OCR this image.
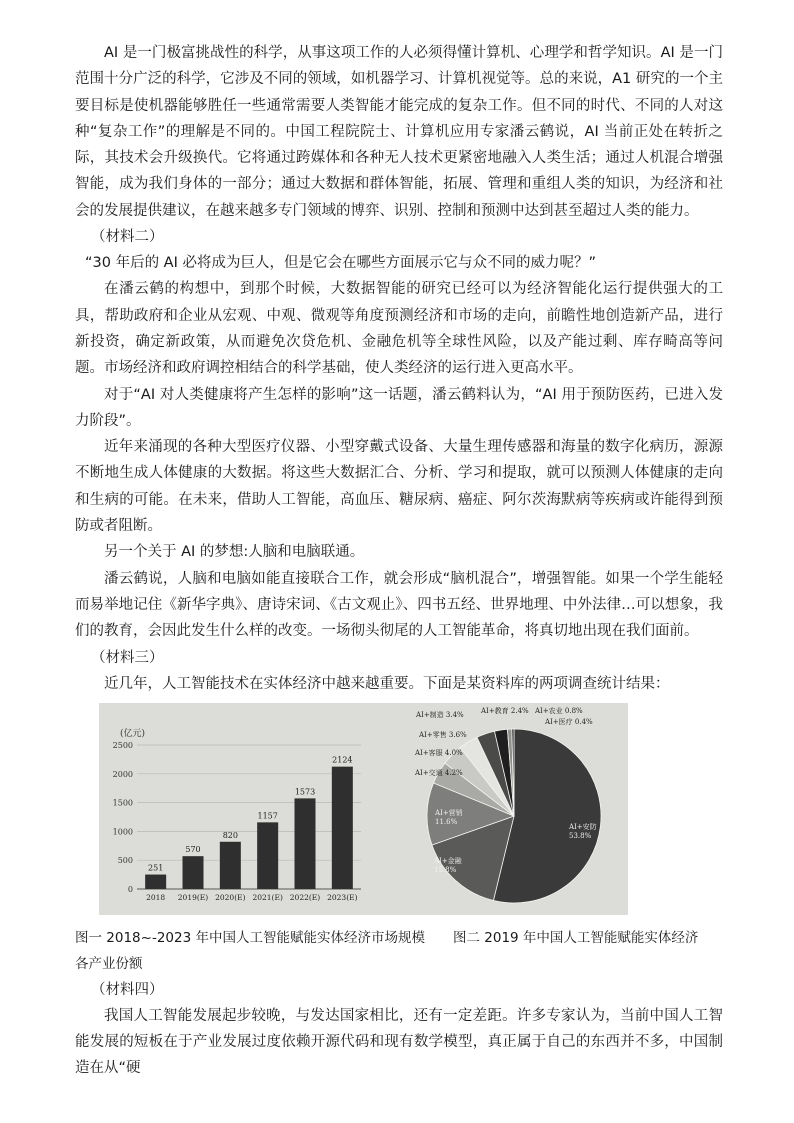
AI 是一门极富挑战性的科学，从事这项工作的人必须得懂计算机、心理学和哲学知识。AI 是一门范围十分广泛的科学，它涉及不同的领域，如机器学习、计算机视觉等。总的来说，A1 研究的一个主要目标是使机器能够胜任一些通常需要人类智能才能完成的复杂工作。但不同的时代、不同的人对这种“复杂工作”的理解是不同的。中国工程院院士、计算机应用专家潘云鹤说，AI 当前正处在转折之际，其技术会升级换代。它将通过跨媒体和各种无人技术更紧密地融入人类生活；通过人机混合增强智能，成为我们身体的一部分；通过大数据和群体智能，拓展、管理和重组人类的知识，为经济和社会的发展提供建议，在越来越多专门领域的博弈、识别、控制和预测中达到甚至超过人类的能力。

（材料二）

“30 年后的 AI 必将成为巨人，但是它会在哪些方面展示它与众不同的威力呢？”

在潘云鹤的构想中，到那个时候，大数据智能的研究已经可以为经济智能化运行提供强大的工具，帮助政府和企业从宏观、中观、微观等角度预测经济和市场的走向，前瞻性地创造新产品，进行新投资，确定新政策，从而避免次贷危机、金融危机等全球性风险，以及产能过剩、库存畸高等问题。市场经济和政府调控相结合的科学基础，使人类经济的运行进入更高水平。

对于“AI 对人类健康将产生怎样的影响”这一话题，潘云鹤料认为，“AI 用于预防医药，已进入发力阶段”。

近年来涌现的各种大型医疗仪器、小型穿戴式设备、大量生理传感器和海量的数字化病历，源源不断地生成人体健康的大数据。将这些大数据汇合、分析、学习和提取，就可以预测人体健康的走向和生病的可能。在未来，借助人工智能，高血压、糖尿病、癌症、阿尔茨海默病等疾病或许能得到预防或者阻断。

另一个关于 AI 的梦想:人脑和电脑联通。

潘云鹤说，人脑和电脑如能直接联合工作，就会形成“脑机混合”，增强智能。如果一个学生能轻而易举地记住《新华字典》、唐诗宋词、《古文观止》、四书五经、世界地理、中外法律…可以想象，我们的教育，会因此发生什么样的改变。一场彻头彻尾的人工智能革命，将真切地出现在我们面前。

（材料三）

近几年，人工智能技术在实体经济中越来越重要。下面是某资料库的两项调查统计结果：

(亿元)
0
500
1000
1500
2000
2500
251
2018
570
2019(E)
820
2020(E)
1157
2021(E)
1573
2022(E)
2124
2023(E)
AI+安防
53.8%
AI+金融
15.8%
AI+营销
11.6%
AI+交通 4.2%
AI+客服 4.0%
AI+零售 3.6%
AI+制造 3.4% AI+教育 2.4% AI+农业 0.8%
AI+医疗 0.4%

图一 2018~-2023 年中国人工智能赋能实体经济市场规模 图二 2019 年中国人工智能赋能实体经济
各产业份额

（材料四）

我国人工智能发展起步较晚，与发达国家相比，还有一定差距。许多专家认为，当前中国人工智能发展的短板在于产业发展过度依赖开源代码和现有数学模型，真正属于自己的东西并不多，中国制造在从“硬
